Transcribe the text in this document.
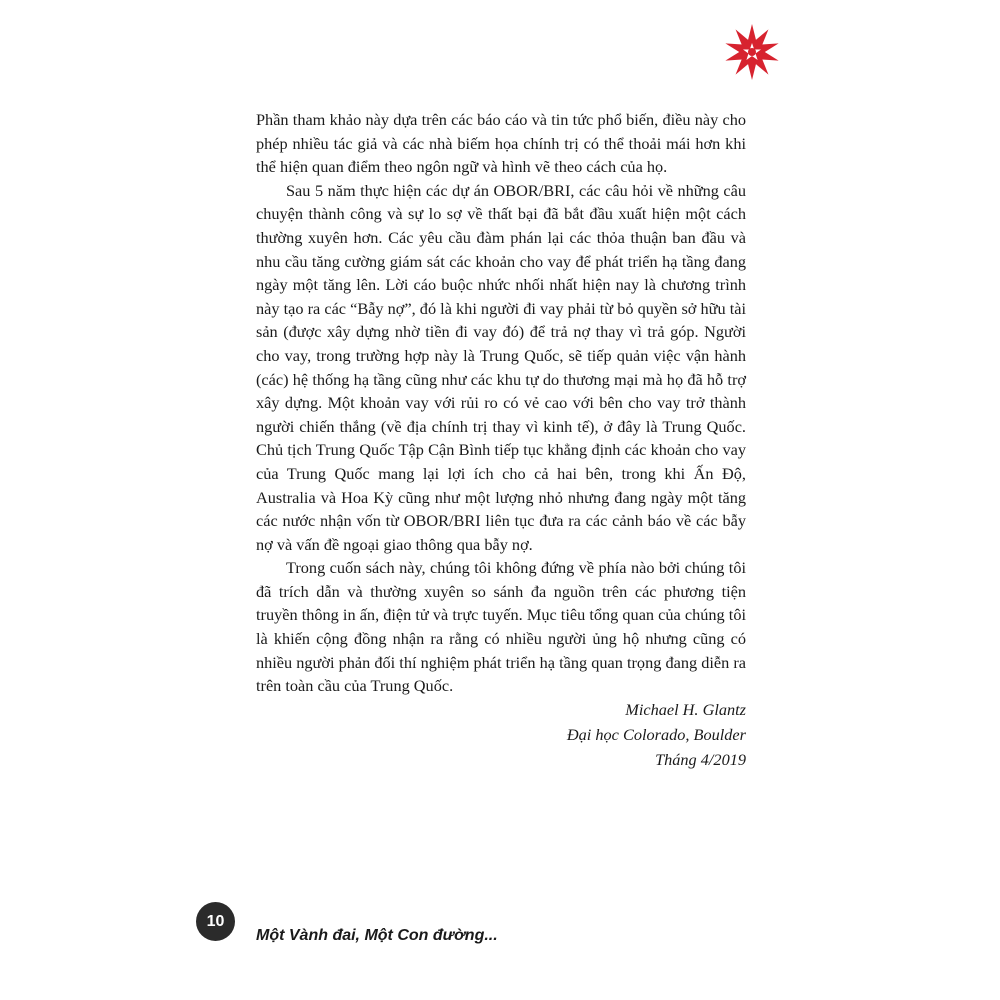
Phần tham khảo này dựa trên các báo cáo và tin tức phổ biến, điều này cho phép nhiều tác giả và các nhà biếm họa chính trị có thể thoải mái hơn khi thể hiện quan điểm theo ngôn ngữ và hình vẽ theo cách của họ.

Sau 5 năm thực hiện các dự án OBOR/BRI, các câu hỏi về những câu chuyện thành công và sự lo sợ về thất bại đã bắt đầu xuất hiện một cách thường xuyên hơn. Các yêu cầu đàm phán lại các thỏa thuận ban đầu và nhu cầu tăng cường giám sát các khoản cho vay để phát triển hạ tầng đang ngày một tăng lên. Lời cáo buộc nhức nhối nhất hiện nay là chương trình này tạo ra các “Bẫy nợ”, đó là khi người đi vay phải từ bỏ quyền sở hữu tài sản (được xây dựng nhờ tiền đi vay đó) để trả nợ thay vì trả góp. Người cho vay, trong trường hợp này là Trung Quốc, sẽ tiếp quản việc vận hành (các) hệ thống hạ tầng cũng như các khu tự do thương mại mà họ đã hỗ trợ xây dựng. Một khoản vay với rủi ro có vẻ cao với bên cho vay trở thành người chiến thắng (về địa chính trị thay vì kinh tế), ở đây là Trung Quốc. Chủ tịch Trung Quốc Tập Cận Bình tiếp tục khẳng định các khoản cho vay của Trung Quốc mang lại lợi ích cho cả hai bên, trong khi Ấn Độ, Australia và Hoa Kỳ cũng như một lượng nhỏ nhưng đang ngày một tăng các nước nhận vốn từ OBOR/BRI liên tục đưa ra các cảnh báo về các bẫy nợ và vấn đề ngoại giao thông qua bẫy nợ.

Trong cuốn sách này, chúng tôi không đứng về phía nào bởi chúng tôi đã trích dẫn và thường xuyên so sánh đa nguồn trên các phương tiện truyền thông in ấn, điện tử và trực tuyến. Mục tiêu tổng quan của chúng tôi là khiến cộng đồng nhận ra rằng có nhiều người ủng hộ nhưng cũng có nhiều người phản đối thí nghiệm phát triển hạ tầng quan trọng đang diễn ra trên toàn cầu của Trung Quốc.

Michael H. Glantz
Đại học Colorado, Boulder
Tháng 4/2019
10
Một Vành đai, Một Con đường...
